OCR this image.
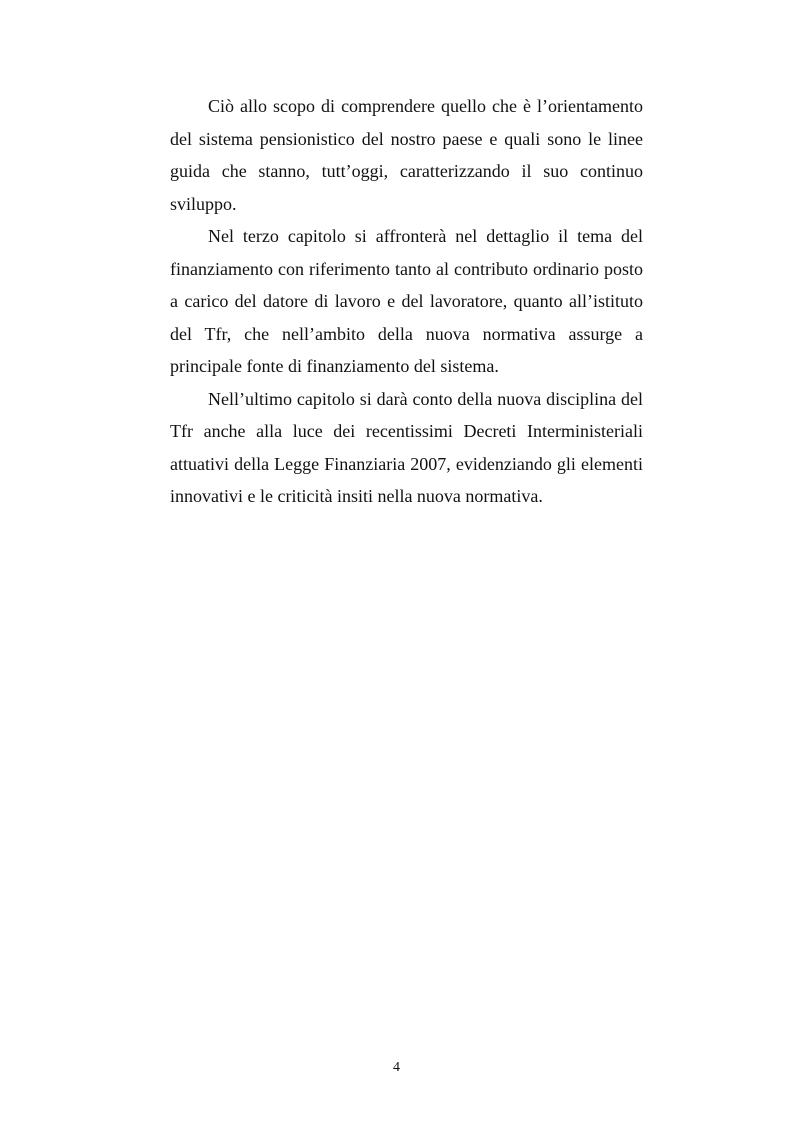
Ciò allo scopo di comprendere quello che è l’orientamento del sistema pensionistico del nostro paese e quali sono le linee guida che stanno, tutt’oggi, caratterizzando il suo continuo sviluppo.

Nel terzo capitolo si affronterà nel dettaglio il tema del finanziamento con riferimento tanto al contributo ordinario posto a carico del datore di lavoro e del lavoratore, quanto all’istituto del Tfr, che nell’ambito della nuova normativa assurge a principale fonte di finanziamento del sistema.

Nell’ultimo capitolo si darà conto della nuova disciplina del Tfr anche alla luce dei recentissimi Decreti Interministeriali attuativi della Legge Finanziaria 2007, evidenziando gli elementi innovativi e le criticità insiti nella nuova normativa.

4
